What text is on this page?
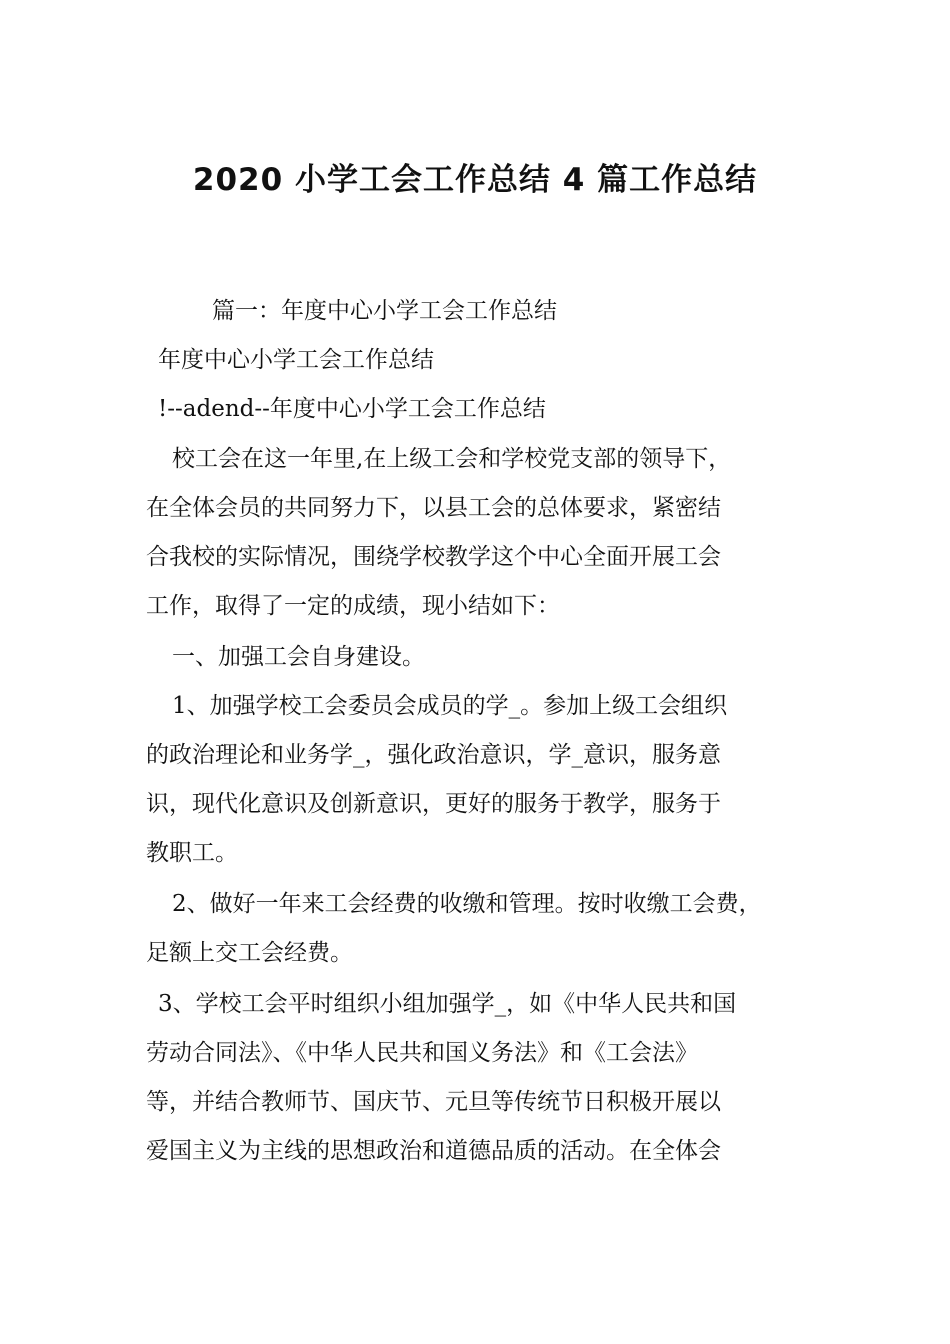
2020 小学工会工作总结 4 篇工作总结

篇一：年度中心小学工会工作总结

年度中心小学工会工作总结

!--adend--年度中心小学工会工作总结

校工会在这一年里,在上级工会和学校党支部的领导下，

在全体会员的共同努力下，以县工会的总体要求，紧密结

合我校的实际情况，围绕学校教学这个中心全面开展工会

工作，取得了一定的成绩，现小结如下：

一、加强工会自身建设。

1、加强学校工会委员会成员的学_。参加上级工会组织

的政治理论和业务学_，强化政治意识，学_意识，服务意

识，现代化意识及创新意识，更好的服务于教学，服务于

教职工。

2、做好一年来工会经费的收缴和管理。按时收缴工会费，

足额上交工会经费。

3、学校工会平时组织小组加强学_，如《中华人民共和国

劳动合同法》、《中华人民共和国义务法》和《工会法》

等，并结合教师节、国庆节、元旦等传统节日积极开展以

爱国主义为主线的思想政治和道德品质的活动。在全体会
